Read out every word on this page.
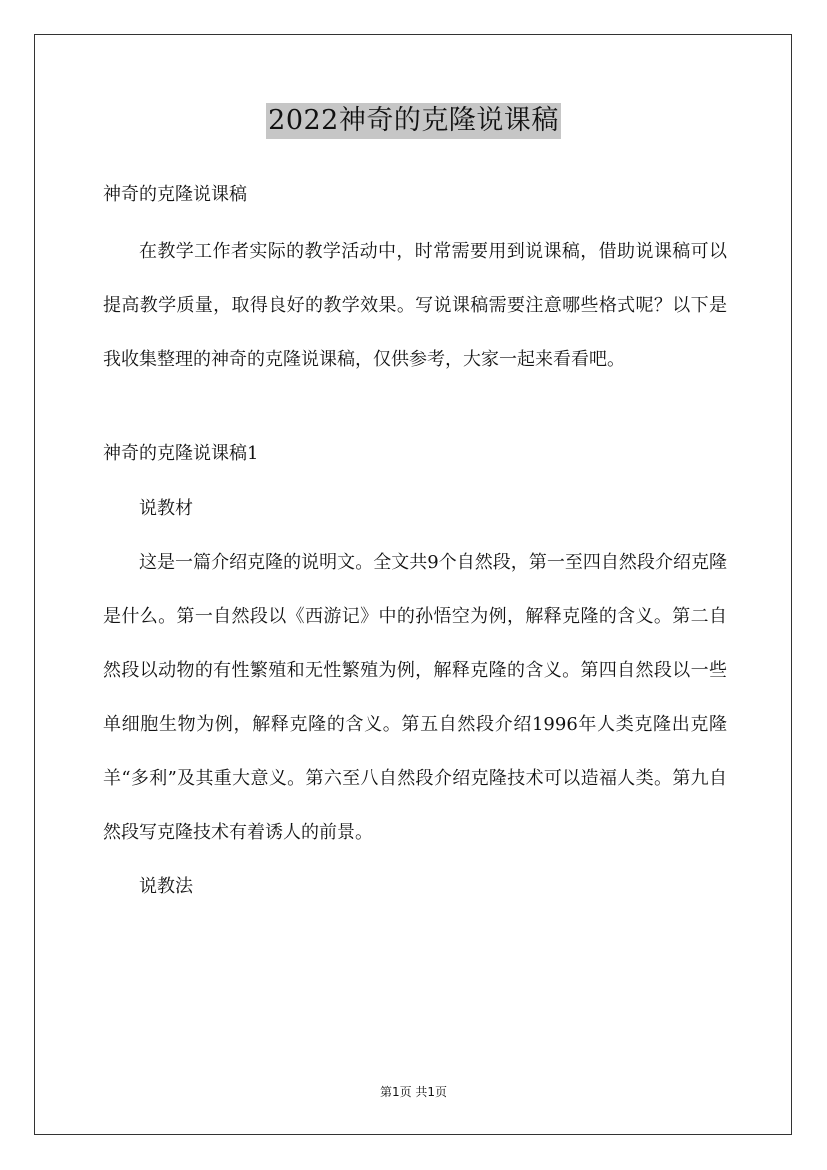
2022神奇的克隆说课稿

神奇的克隆说课稿

在教学工作者实际的教学活动中，时常需要用到说课稿，借助说课稿可以提高教学质量，取得良好的教学效果。写说课稿需要注意哪些格式呢？以下是我收集整理的神奇的克隆说课稿，仅供参考，大家一起来看看吧。

神奇的克隆说课稿1

说教材

这是一篇介绍克隆的说明文。全文共9个自然段，第一至四自然段介绍克隆是什么。第一自然段以《西游记》中的孙悟空为例，解释克隆的含义。第二自然段以动物的有性繁殖和无性繁殖为例，解释克隆的含义。第四自然段以一些单细胞生物为例，解释克隆的含义。第五自然段介绍1996年人类克隆出克隆羊“多利”及其重大意义。第六至八自然段介绍克隆技术可以造福人类。第九自然段写克隆技术有着诱人的前景。

说教法

第1页 共1页
